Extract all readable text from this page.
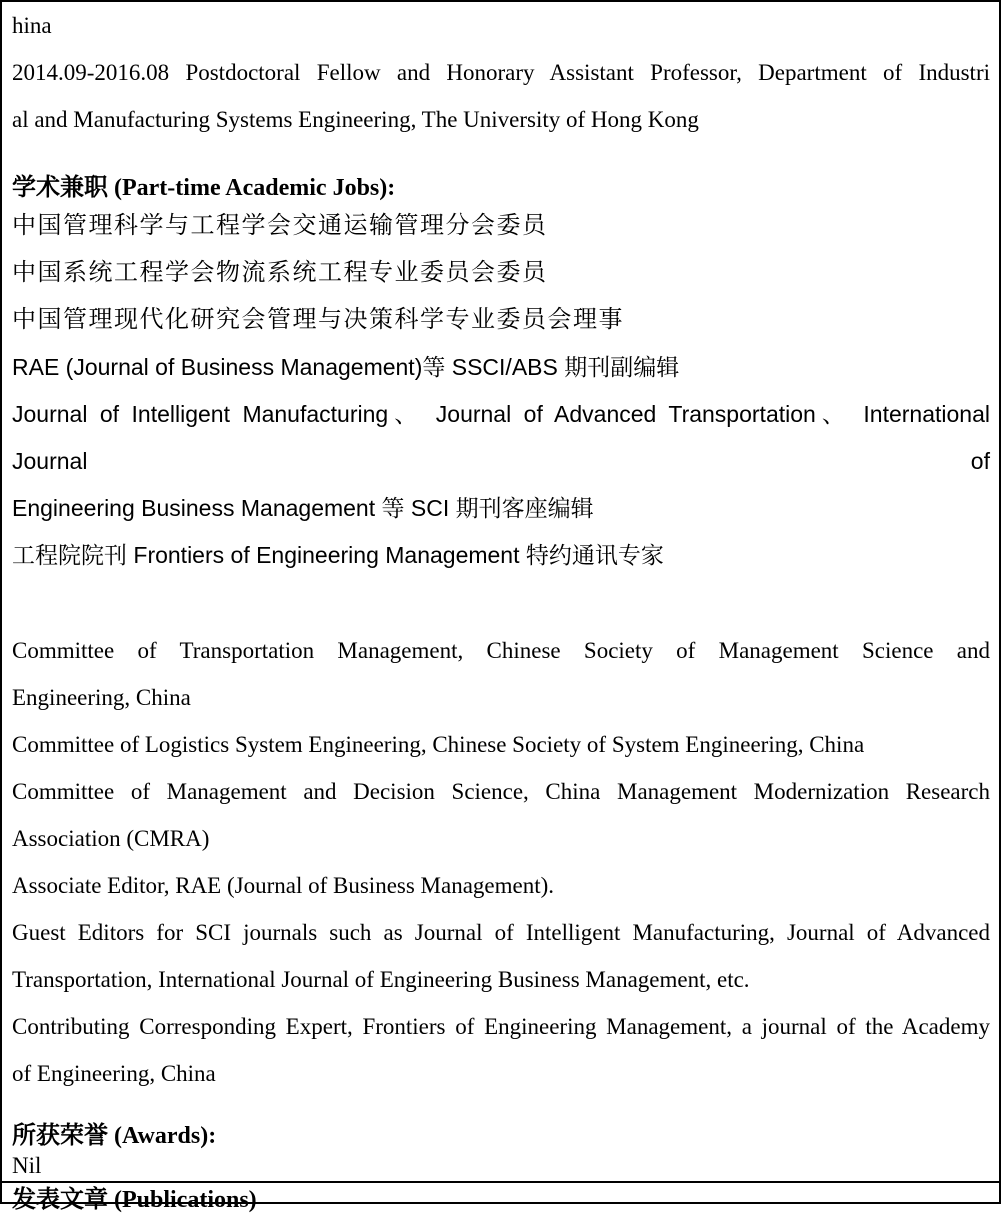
hina
2014.09-2016.08 Postdoctoral Fellow and Honorary Assistant Professor, Department of Industri
al and Manufacturing Systems Engineering, The University of Hong Kong
学术兼职 (Part-time Academic Jobs):
中国管理科学与工程学会交通运输管理分会委员
中国系统工程学会物流系统工程专业委员会委员
中国管理现代化研究会管理与决策科学专业委员会理事
RAE (Journal of Business Management)等 SSCI/ABS 期刊副编辑
Journal of Intelligent Manufacturing、 Journal of Advanced Transportation、 International Journal of
Engineering Business Management 等 SCI 期刊客座编辑
工程院院刊 Frontiers of Engineering Management 特约通讯专家
Committee of Transportation Management, Chinese Society of Management Science and
Engineering, China
Committee of Logistics System Engineering, Chinese Society of System Engineering, China
Committee of Management and Decision Science, China Management Modernization Research
Association (CMRA)
Associate Editor, RAE (Journal of Business Management).
Guest Editors for SCI journals such as Journal of Intelligent Manufacturing, Journal of Advanced
Transportation, International Journal of Engineering Business Management, etc.
Contributing Corresponding Expert, Frontiers of Engineering Management, a journal of the Academy
of Engineering, China
所获荣誉 (Awards):
Nil
发表文章 (Publications)
